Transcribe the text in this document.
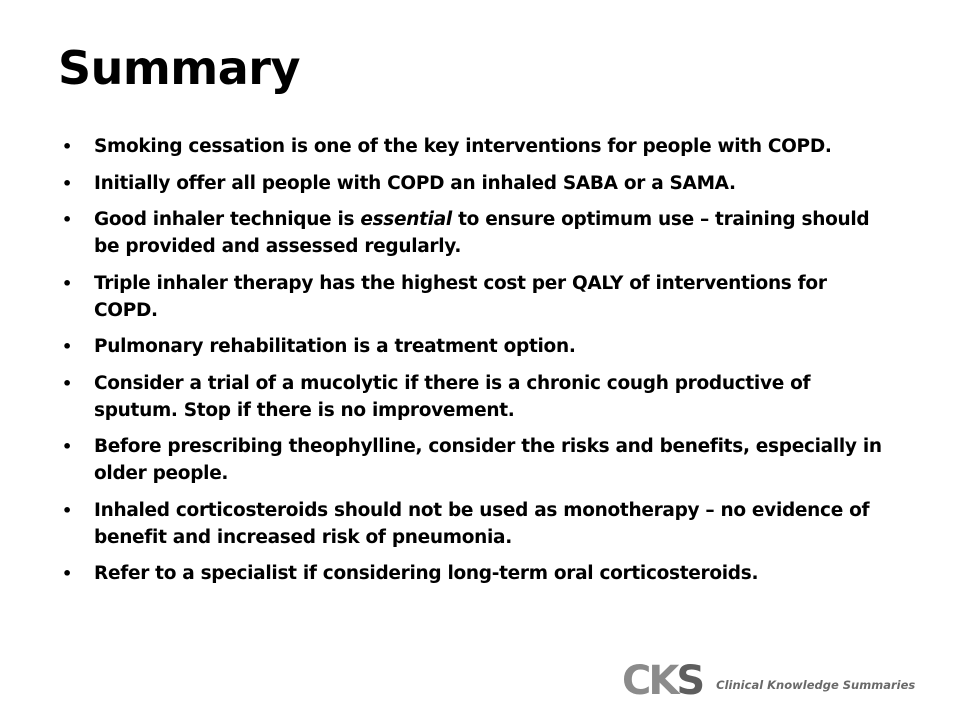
Summary
• Smoking cessation is one of the key interventions for people with COPD.
• Initially offer all people with COPD an inhaled SABA or a SAMA.
• Good inhaler technique is essential to ensure optimum use – training should be provided and assessed regularly.
• Triple inhaler therapy has the highest cost per QALY of interventions for COPD.
• Pulmonary rehabilitation is a treatment option.
• Consider a trial of a mucolytic if there is a chronic cough productive of sputum. Stop if there is no improvement.
• Before prescribing theophylline, consider the risks and benefits, especially in older people.
• Inhaled corticosteroids should not be used as monotherapy – no evidence of benefit and increased risk of pneumonia.
• Refer to a specialist if considering long-term oral corticosteroids.
CKS Clinical Knowledge Summaries
